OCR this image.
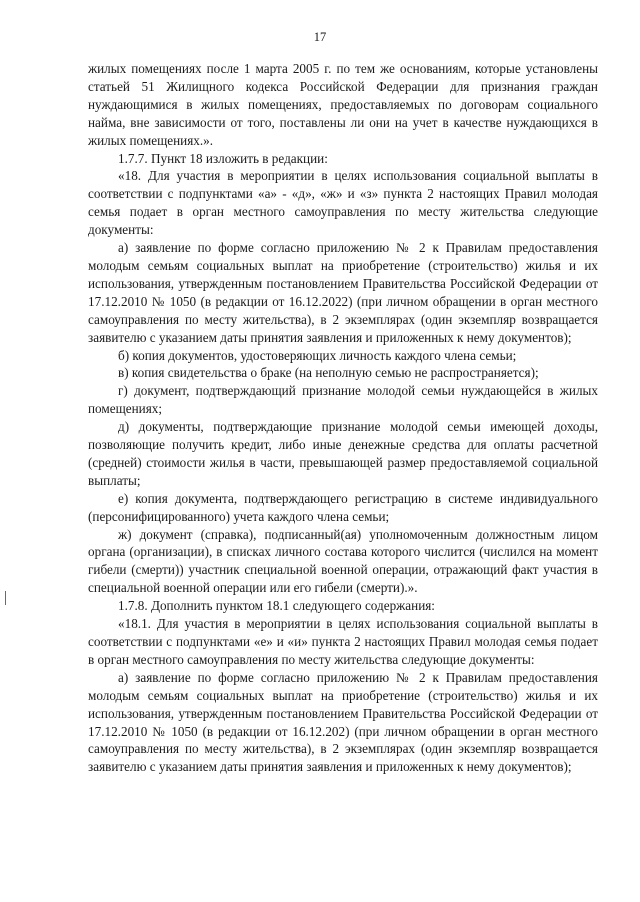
17

жилых помещениях после 1 марта 2005 г. по тем же основаниям, которые установлены статьей 51 Жилищного кодекса Российской Федерации для признания граждан нуждающимися в жилых помещениях, предоставляемых по договорам социального найма, вне зависимости от того, поставлены ли они на учет в качестве нуждающихся в жилых помещениях.».

1.7.7. Пункт 18 изложить в редакции:

«18. Для участия в мероприятии в целях использования социальной выплаты в соответствии с подпунктами «а» - «д», «ж» и «з» пункта 2 настоящих Правил молодая семья подает в орган местного самоуправления по месту жительства следующие документы:

а) заявление по форме согласно приложению № 2 к Правилам предоставления молодым семьям социальных выплат на приобретение (строительство) жилья и их использования, утвержденным постановлением Правительства Российской Федерации от 17.12.2010 № 1050 (в редакции от 16.12.2022) (при личном обращении в орган местного самоуправления по месту жительства), в 2 экземплярах (один экземпляр возвращается заявителю с указанием даты принятия заявления и приложенных к нему документов);

б) копия документов, удостоверяющих личность каждого члена семьи;

в) копия свидетельства о браке (на неполную семью не распространяется);

г) документ, подтверждающий признание молодой семьи нуждающейся в жилых помещениях;

д) документы, подтверждающие признание молодой семьи имеющей доходы, позволяющие получить кредит, либо иные денежные средства для оплаты расчетной (средней) стоимости жилья в части, превышающей размер предоставляемой социальной выплаты;

е) копия документа, подтверждающего регистрацию в системе индивидуального (персонифицированного) учета каждого члена семьи;

ж) документ (справка), подписанный(ая) уполномоченным должностным лицом органа (организации), в списках личного состава которого числится (числился на момент гибели (смерти)) участник специальной военной операции, отражающий факт участия в специальной военной операции или его гибели (смерти).».

1.7.8. Дополнить пунктом 18.1 следующего содержания:

«18.1. Для участия в мероприятии в целях использования социальной выплаты в соответствии с подпунктами «е» и «и» пункта 2 настоящих Правил молодая семья подает в орган местного самоуправления по месту жительства следующие документы:

а) заявление по форме согласно приложению № 2 к Правилам предоставления молодым семьям социальных выплат на приобретение (строительство) жилья и их использования, утвержденным постановлением Правительства Российской Федерации от 17.12.2010 № 1050 (в редакции от 16.12.202) (при личном обращении в орган местного самоуправления по месту жительства), в 2 экземплярах (один экземпляр возвращается заявителю с указанием даты принятия заявления и приложенных к нему документов);
